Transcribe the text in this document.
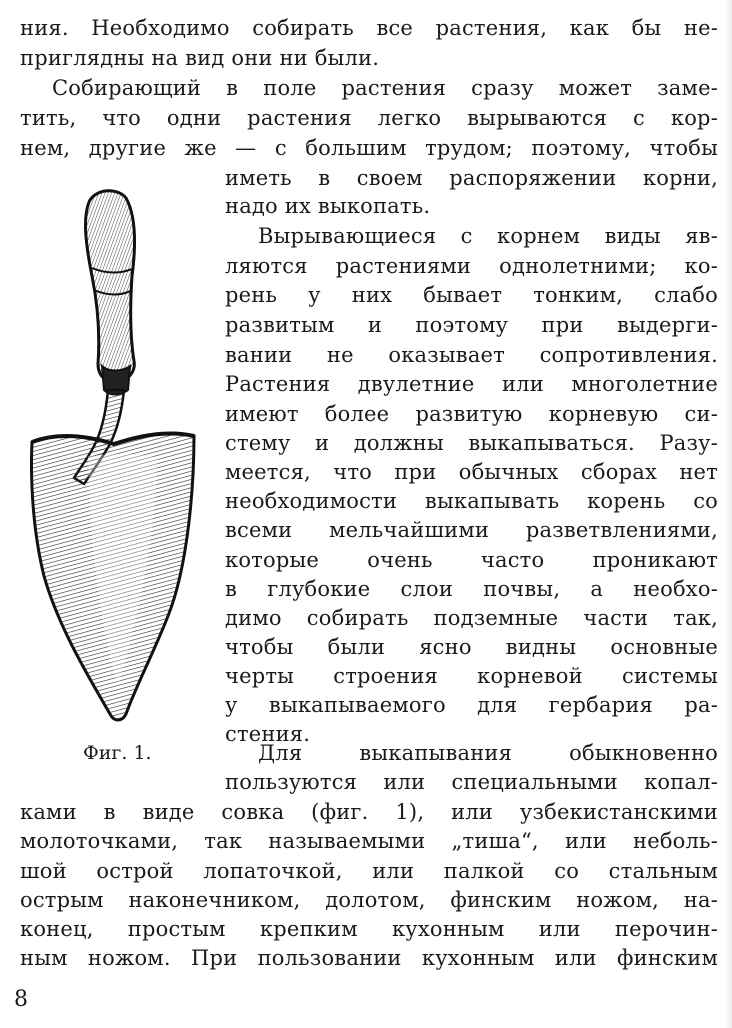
ния. Необходимо собирать все растения, как бы не-
приглядны на вид они ни были.
Собирающий в поле растения сразу может заме-
тить, что одни растения легко вырываются с кор-
нем, другие же — с большим трудом; поэтому, чтобы
иметь в своем распоряжении корни,
надо их выкопать.
Вырывающиеся с корнем виды яв-
ляются растениями однолетними; ко-
рень у них бывает тонким, слабо
развитым и поэтому при выдерги-
вании не оказывает сопротивления.
Растения двулетние или многолетние
имеют более развитую корневую си-
стему и должны выкапываться. Разу-
меется, что при обычных сборах нет
необходимости выкапывать корень со
всеми мельчайшими разветвлениями,
которые очень часто проникают
в глубокие слои почвы, а необхо-
димо собирать подземные части так,
чтобы были ясно видны основные
черты строения корневой системы
у выкапываемого для гербария ра-
стения.
Для выкапывания обыкновенно
пользуются или специальными копал-
ками в виде совка (фиг. 1), или узбекистанскими
молоточками, так называемыми „тиша“, или неболь-
шой острой лопаточкой, или палкой со стальным
острым наконечником, долотом, финским ножом, на-
конец, простым крепким кухонным или перочин-
ным ножом. При пользовании кухонным или финским
Фиг. 1.
8
